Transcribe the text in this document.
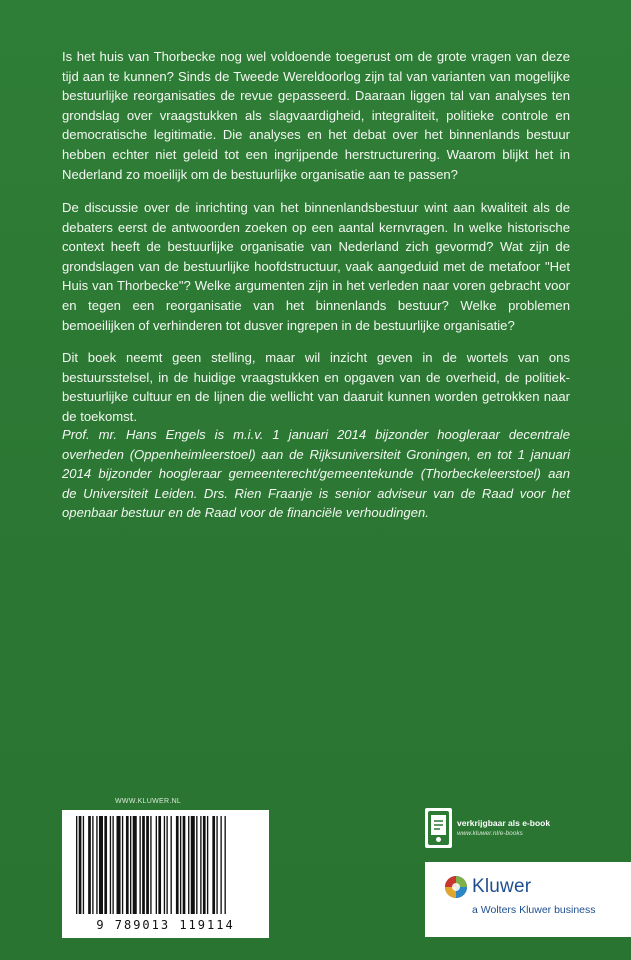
Is het huis van Thorbecke nog wel voldoende toegerust om de grote vragen van deze tijd aan te kunnen? Sinds de Tweede Wereldoorlog zijn tal van varianten van mogelijke bestuurlijke reorganisaties de revue gepasseerd. Daaraan liggen tal van analyses ten grondslag over vraagstukken als slagvaardigheid, integraliteit, politieke controle en democratische legitimatie. Die analyses en het debat over het binnenlands bestuur hebben echter niet geleid tot een ingrijpende herstructurering. Waarom blijkt het in Nederland zo moeilijk om de bestuurlijke organisatie aan te passen?

De discussie over de inrichting van het binnenlandsbestuur wint aan kwaliteit als de debaters eerst de antwoorden zoeken op een aantal kernvragen. In welke historische context heeft de bestuurlijke organisatie van Nederland zich gevormd? Wat zijn de grondslagen van de bestuurlijke hoofdstructuur, vaak aangeduid met de metafoor "Het Huis van Thorbecke"? Welke argumenten zijn in het verleden naar voren gebracht voor en tegen een reorganisatie van het binnenlands bestuur? Welke problemen bemoeilijken of verhinderen tot dusver ingrepen in de bestuurlijke organisatie?

Dit boek neemt geen stelling, maar wil inzicht geven in de wortels van ons bestuursstelsel, in de huidige vraagstukken en opgaven van de overheid, de politiek-bestuurlijke cultuur en de lijnen die wellicht van daaruit kunnen worden getrokken naar de toekomst.

Prof. mr. Hans Engels is m.i.v. 1 januari 2014 bijzonder hoogleraar decentrale overheden (Oppenheimleerstoel) aan de Rijksuniversiteit Groningen, en tot 1 januari 2014 bijzonder hoogleraar gemeenterecht/gemeentekunde (Thorbeckeleerstoel) aan de Universiteit Leiden. Drs. Rien Fraanje is senior adviseur van de Raad voor het openbaar bestuur en de Raad voor de financiële verhoudingen.

WWW.KLUWER.NL
9 789013 119114
verkrijgbaar als e-book
www.kluwer.nl/e-books
Kluwer
a Wolters Kluwer business
